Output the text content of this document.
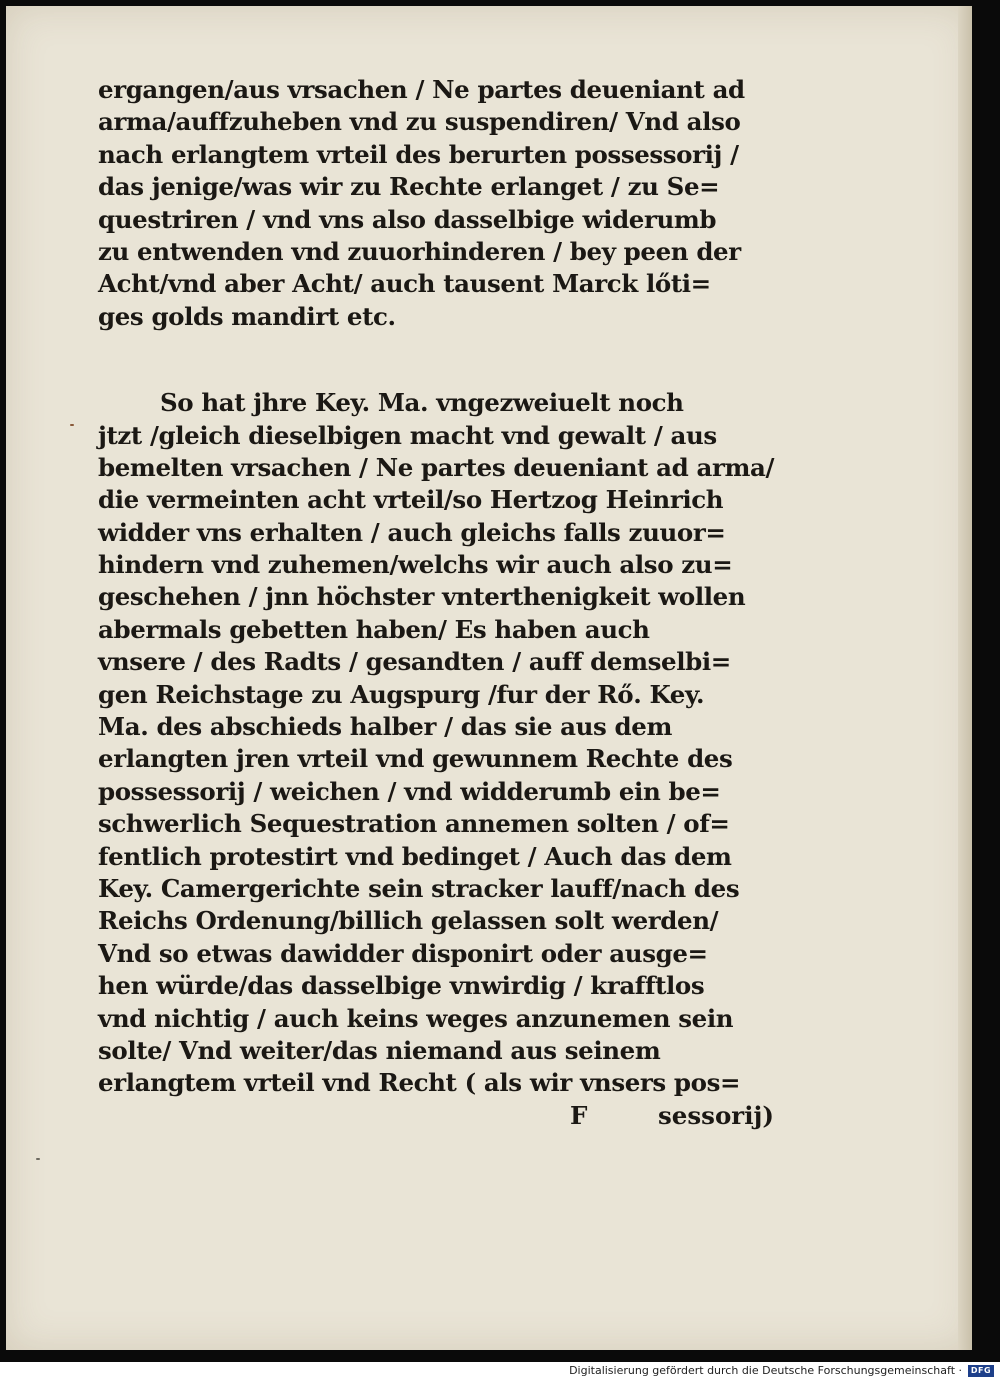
ergangen/aus vrsachen / Ne partes deueniant ad

arma/auffzuheben vnd zu suspendiren/ Vnd also

nach erlangtem vrteil des berurten possessorij /

das jenige/was wir zu Rechte erlanget / zu Se=

questriren / vnd vns also dasselbige widerumb

zu entwenden vnd zuuorhinderen / bey peen der

Acht/vnd aber Acht/ auch tausent Marck lőti=

ges golds mandirt etc.

So hat jhre Key. Ma. vngezweiuelt noch

jtzt /gleich dieselbigen macht vnd gewalt / aus

bemelten vrsachen / Ne partes deueniant ad arma/

die vermeinten acht vrteil/so Hertzog Heinrich

widder vns erhalten / auch gleichs falls zuuor=

hindern vnd zuhemen/welchs wir auch also zu=

geschehen / jnn höchster vnterthenigkeit wollen

abermals gebetten haben/ Es haben auch

vnsere / des Radts / gesandten / auff demselbi=

gen Reichstage zu Augspurg /fur der Rő. Key.

Ma. des abschieds halber / das sie aus dem

erlangten jren vrteil vnd gewunnem Rechte des

possessorij / weichen / vnd widderumb ein be=

schwerlich Sequestration annemen solten / of=

fentlich protestirt vnd bedinget / Auch das dem

Key. Camergerichte sein stracker lauff/nach des

Reichs Ordenung/billich gelassen solt werden/

Vnd so etwas dawidder disponirt oder ausge=

hen würde/das dasselbige vnwirdig / krafftlos

vnd nichtig / auch keins weges anzunemen sein

solte/ Vnd weiter/das niemand aus seinem

erlangtem vrteil vnd Recht ( als wir vnsers pos=

F	sessorij)
Digitalisierung gefördert durch die Deutsche Forschungsgemeinschaft ·	DFG
